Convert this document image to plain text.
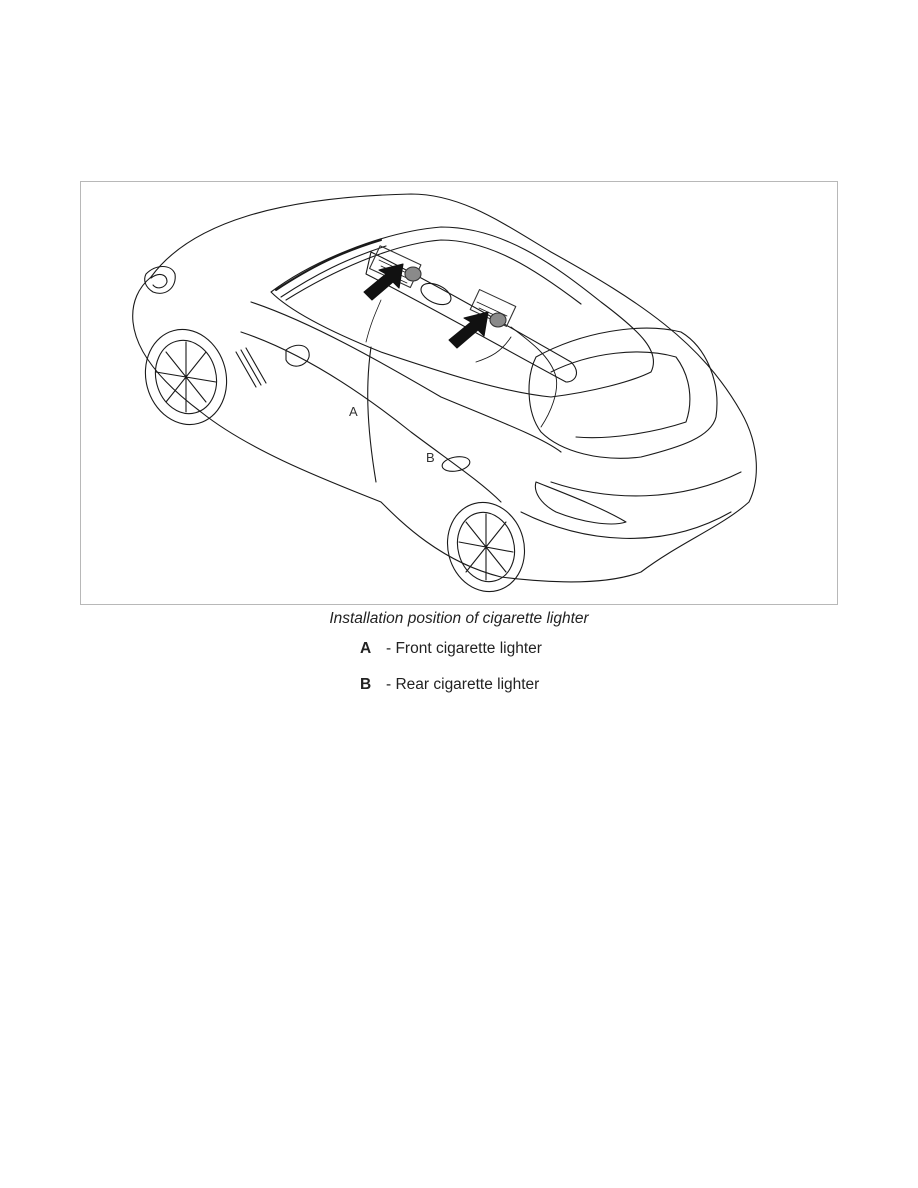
A
B
Installation position of cigarette lighter
A - Front cigarette lighter
B - Rear cigarette lighter
